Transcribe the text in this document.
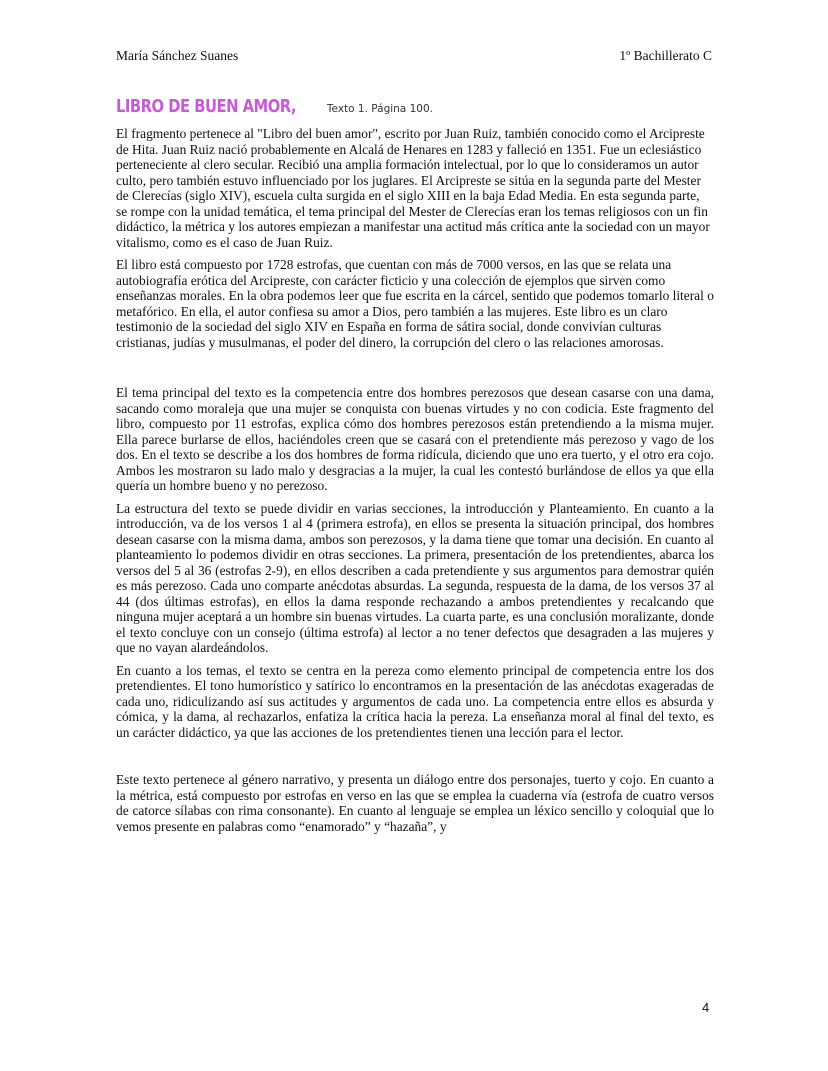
María Sánchez Suanes	1º Bachillerato C
LIBRO DE BUEN AMOR,	Texto 1. Página 100.

El fragmento pertenece al "Libro del buen amor", escrito por Juan Ruiz, también conocido como el Arcipreste de Hita. Juan Ruiz nació probablemente en Alcalá de Henares en 1283 y falleció en 1351. Fue un eclesiástico perteneciente al clero secular. Recibió una amplia formación intelectual, por lo que lo consideramos un autor culto, pero también estuvo influenciado por los juglares. El Arcipreste se sitúa en la segunda parte del Mester de Clerecías (siglo XIV), escuela culta surgida en el siglo XIII en la baja Edad Media. En esta segunda parte, se rompe con la unidad temática, el tema principal del Mester de Clerecías eran los temas religiosos con un fin didáctico, la métrica y los autores empiezan a manifestar una actitud más crítica ante la sociedad con un mayor vitalismo, como es el caso de Juan Ruiz.

El libro está compuesto por 1728 estrofas, que cuentan con más de 7000 versos, en las que se relata una autobiografía erótica del Arcipreste, con carácter ficticio y una colección de ejemplos que sirven como enseñanzas morales. En la obra podemos leer que fue escrita en la cárcel, sentido que podemos tomarlo literal o metafórico. En ella, el autor confiesa su amor a Dios, pero también a las mujeres. Este libro es un claro testimonio de la sociedad del siglo XIV en España en forma de sátira social, donde convivían culturas cristianas, judías y musulmanas, el poder del dinero, la corrupción del clero o las relaciones amorosas.

El tema principal del texto es la competencia entre dos hombres perezosos que desean casarse con una dama, sacando como moraleja que una mujer se conquista con buenas virtudes y no con codicia. Este fragmento del libro, compuesto por 11 estrofas, explica cómo dos hombres perezosos están pretendiendo a la misma mujer. Ella parece burlarse de ellos, haciéndoles creen que se casará con el pretendiente más perezoso y vago de los dos. En el texto se describe a los dos hombres de forma ridícula, diciendo que uno era tuerto, y el otro era cojo. Ambos les mostraron su lado malo y desgracias a la mujer, la cual les contestó burlándose de ellos ya que ella quería un hombre bueno y no perezoso.

La estructura del texto se puede dividir en varias secciones, la introducción y Planteamiento. En cuanto a la introducción, va de los versos 1 al 4 (primera estrofa), en ellos se presenta la situación principal, dos hombres desean casarse con la misma dama, ambos son perezosos, y la dama tiene que tomar una decisión. En cuanto al planteamiento lo podemos dividir en otras secciones. La primera, presentación de los pretendientes, abarca los versos del 5 al 36 (estrofas 2-9), en ellos describen a cada pretendiente y sus argumentos para demostrar quién es más perezoso. Cada uno comparte anécdotas absurdas. La segunda, respuesta de la dama, de los versos 37 al 44 (dos últimas estrofas), en ellos la dama responde rechazando a ambos pretendientes y recalcando que ninguna mujer aceptará a un hombre sin buenas virtudes. La cuarta parte, es una conclusión moralizante, donde el texto concluye con un consejo (última estrofa) al lector a no tener defectos que desagraden a las mujeres y que no vayan alardeándolos.

En cuanto a los temas, el texto se centra en la pereza como elemento principal de competencia entre los dos pretendientes. El tono humorístico y satírico lo encontramos en la presentación de las anécdotas exageradas de cada uno, ridiculizando así sus actitudes y argumentos de cada uno. La competencia entre ellos es absurda y cómica, y la dama, al rechazarlos, enfatiza la crítica hacia la pereza. La enseñanza moral al final del texto, es un carácter didáctico, ya que las acciones de los pretendientes tienen una lección para el lector.

Este texto pertenece al género narrativo, y presenta un diálogo entre dos personajes, tuerto y cojo. En cuanto a la métrica, está compuesto por estrofas en verso en las que se emplea la cuaderna vía (estrofa de cuatro versos de catorce sílabas con rima consonante). En cuanto al lenguaje se emplea un léxico sencillo y coloquial que lo vemos presente en palabras como “enamorado” y “hazaña”, y

4
